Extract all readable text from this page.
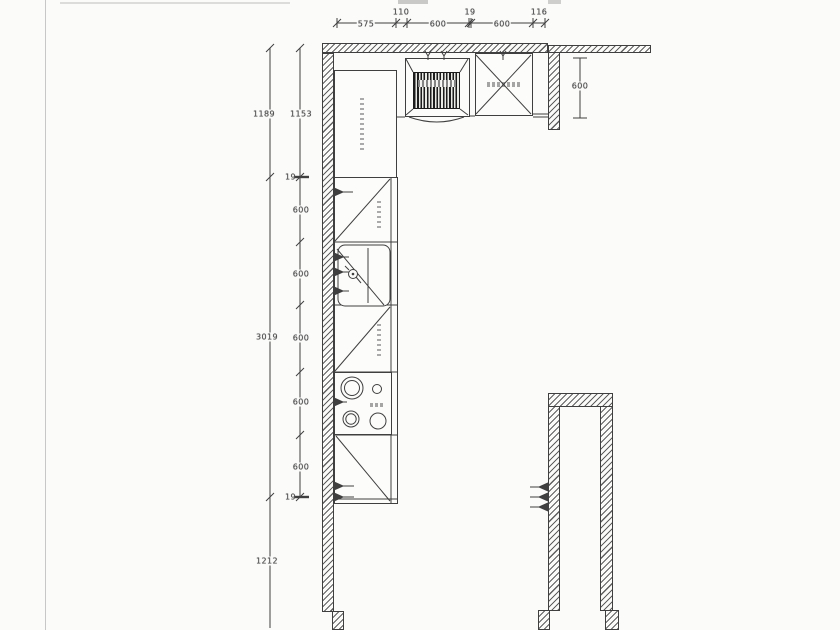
575
110
600
19
600
116
1189
3019
1212
1153
19
600
600
600
600
600
19
600
